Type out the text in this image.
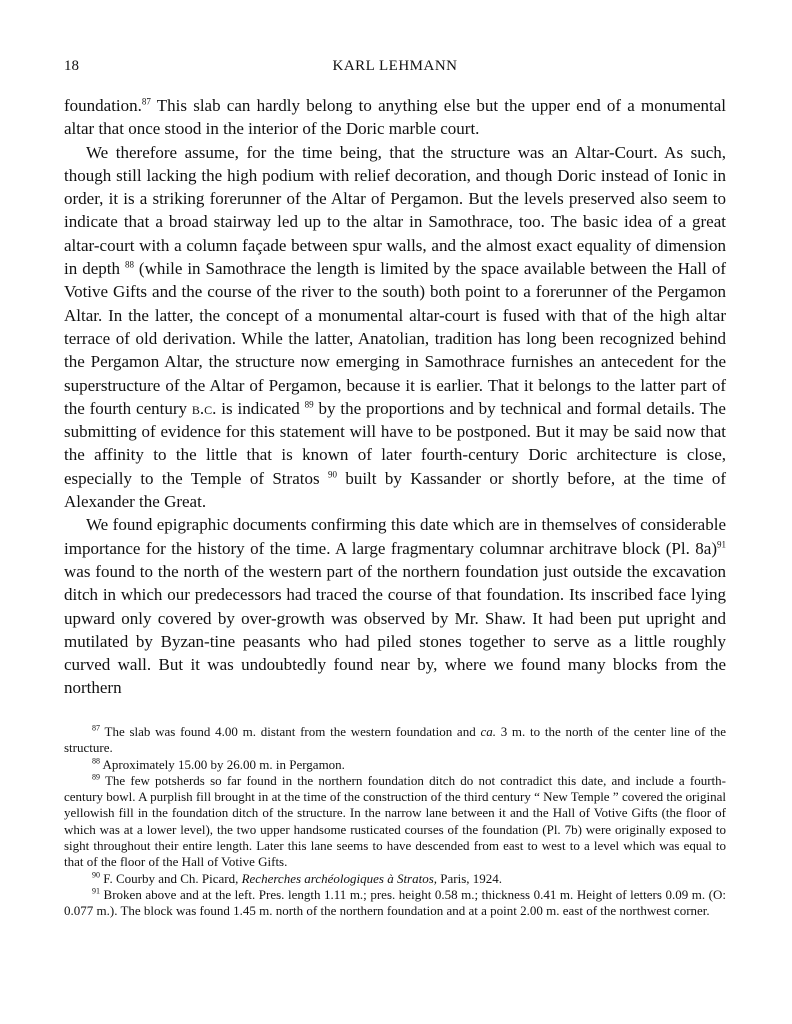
18	KARL LEHMANN

foundation.$^{87}$ This slab can hardly belong to anything else but the upper end of a monumental altar that once stood in the interior of the Doric marble court.

We therefore assume, for the time being, that the structure was an Altar-Court. As such, though still lacking the high podium with relief decoration, and though Doric instead of Ionic in order, it is a striking forerunner of the Altar of Pergamon. But the levels preserved also seem to indicate that a broad stairway led up to the altar in Samothrace, too. The basic idea of a great altar-court with a column façade between spur walls, and the almost exact equality of dimension in depth $^{88}$ (while in Samothrace the length is limited by the space available between the Hall of Votive Gifts and the course of the river to the south) both point to a forerunner of the Pergamon Altar. In the latter, the concept of a monumental altar-court is fused with that of the high altar terrace of old derivation. While the latter, Anatolian, tradition has long been recognized behind the Pergamon Altar, the structure now emerging in Samothrace furnishes an antecedent for the superstructure of the Altar of Pergamon, because it is earlier. That it belongs to the latter part of the fourth century b.c. is indicated $^{89}$ by the proportions and by technical and formal details. The submitting of evidence for this statement will have to be postponed. But it may be said now that the affinity to the little that is known of later fourth-century Doric architecture is close, especially to the Temple of Stratos $^{90}$ built by Kassander or shortly before, at the time of Alexander the Great.

We found epigraphic documents confirming this date which are in themselves of considerable importance for the history of the time. A large fragmentary columnar architrave block (Pl. 8a)$^{91}$ was found to the north of the western part of the northern foundation just outside the excavation ditch in which our predecessors had traced the course of that foundation. Its inscribed face lying upward only covered by over-growth was observed by Mr. Shaw. It had been put upright and mutilated by Byzan-tine peasants who had piled stones together to serve as a little roughly curved wall. But it was undoubtedly found near by, where we found many blocks from the northern

$^{87}$ The slab was found 4.00 m. distant from the western foundation and ca. 3 m. to the north of the center line of the structure.

$^{88}$ Aproximately 15.00 by 26.00 m. in Pergamon.

$^{89}$ The few potsherds so far found in the northern foundation ditch do not contradict this date, and include a fourth-century bowl. A purplish fill brought in at the time of the construction of the third century “ New Temple ” covered the original yellowish fill in the foundation ditch of the structure. In the narrow lane between it and the Hall of Votive Gifts (the floor of which was at a lower level), the two upper handsome rusticated courses of the foundation (Pl. 7b) were originally exposed to sight throughout their entire length. Later this lane seems to have descended from east to west to a level which was equal to that of the floor of the Hall of Votive Gifts.

$^{90}$ F. Courby and Ch. Picard, Recherches archéologiques à Stratos, Paris, 1924.

$^{91}$ Broken above and at the left. Pres. length 1.11 m.; pres. height 0.58 m.; thickness 0.41 m. Height of letters 0.09 m. (O: 0.077 m.). The block was found 1.45 m. north of the northern foundation and at a point 2.00 m. east of the northwest corner.
